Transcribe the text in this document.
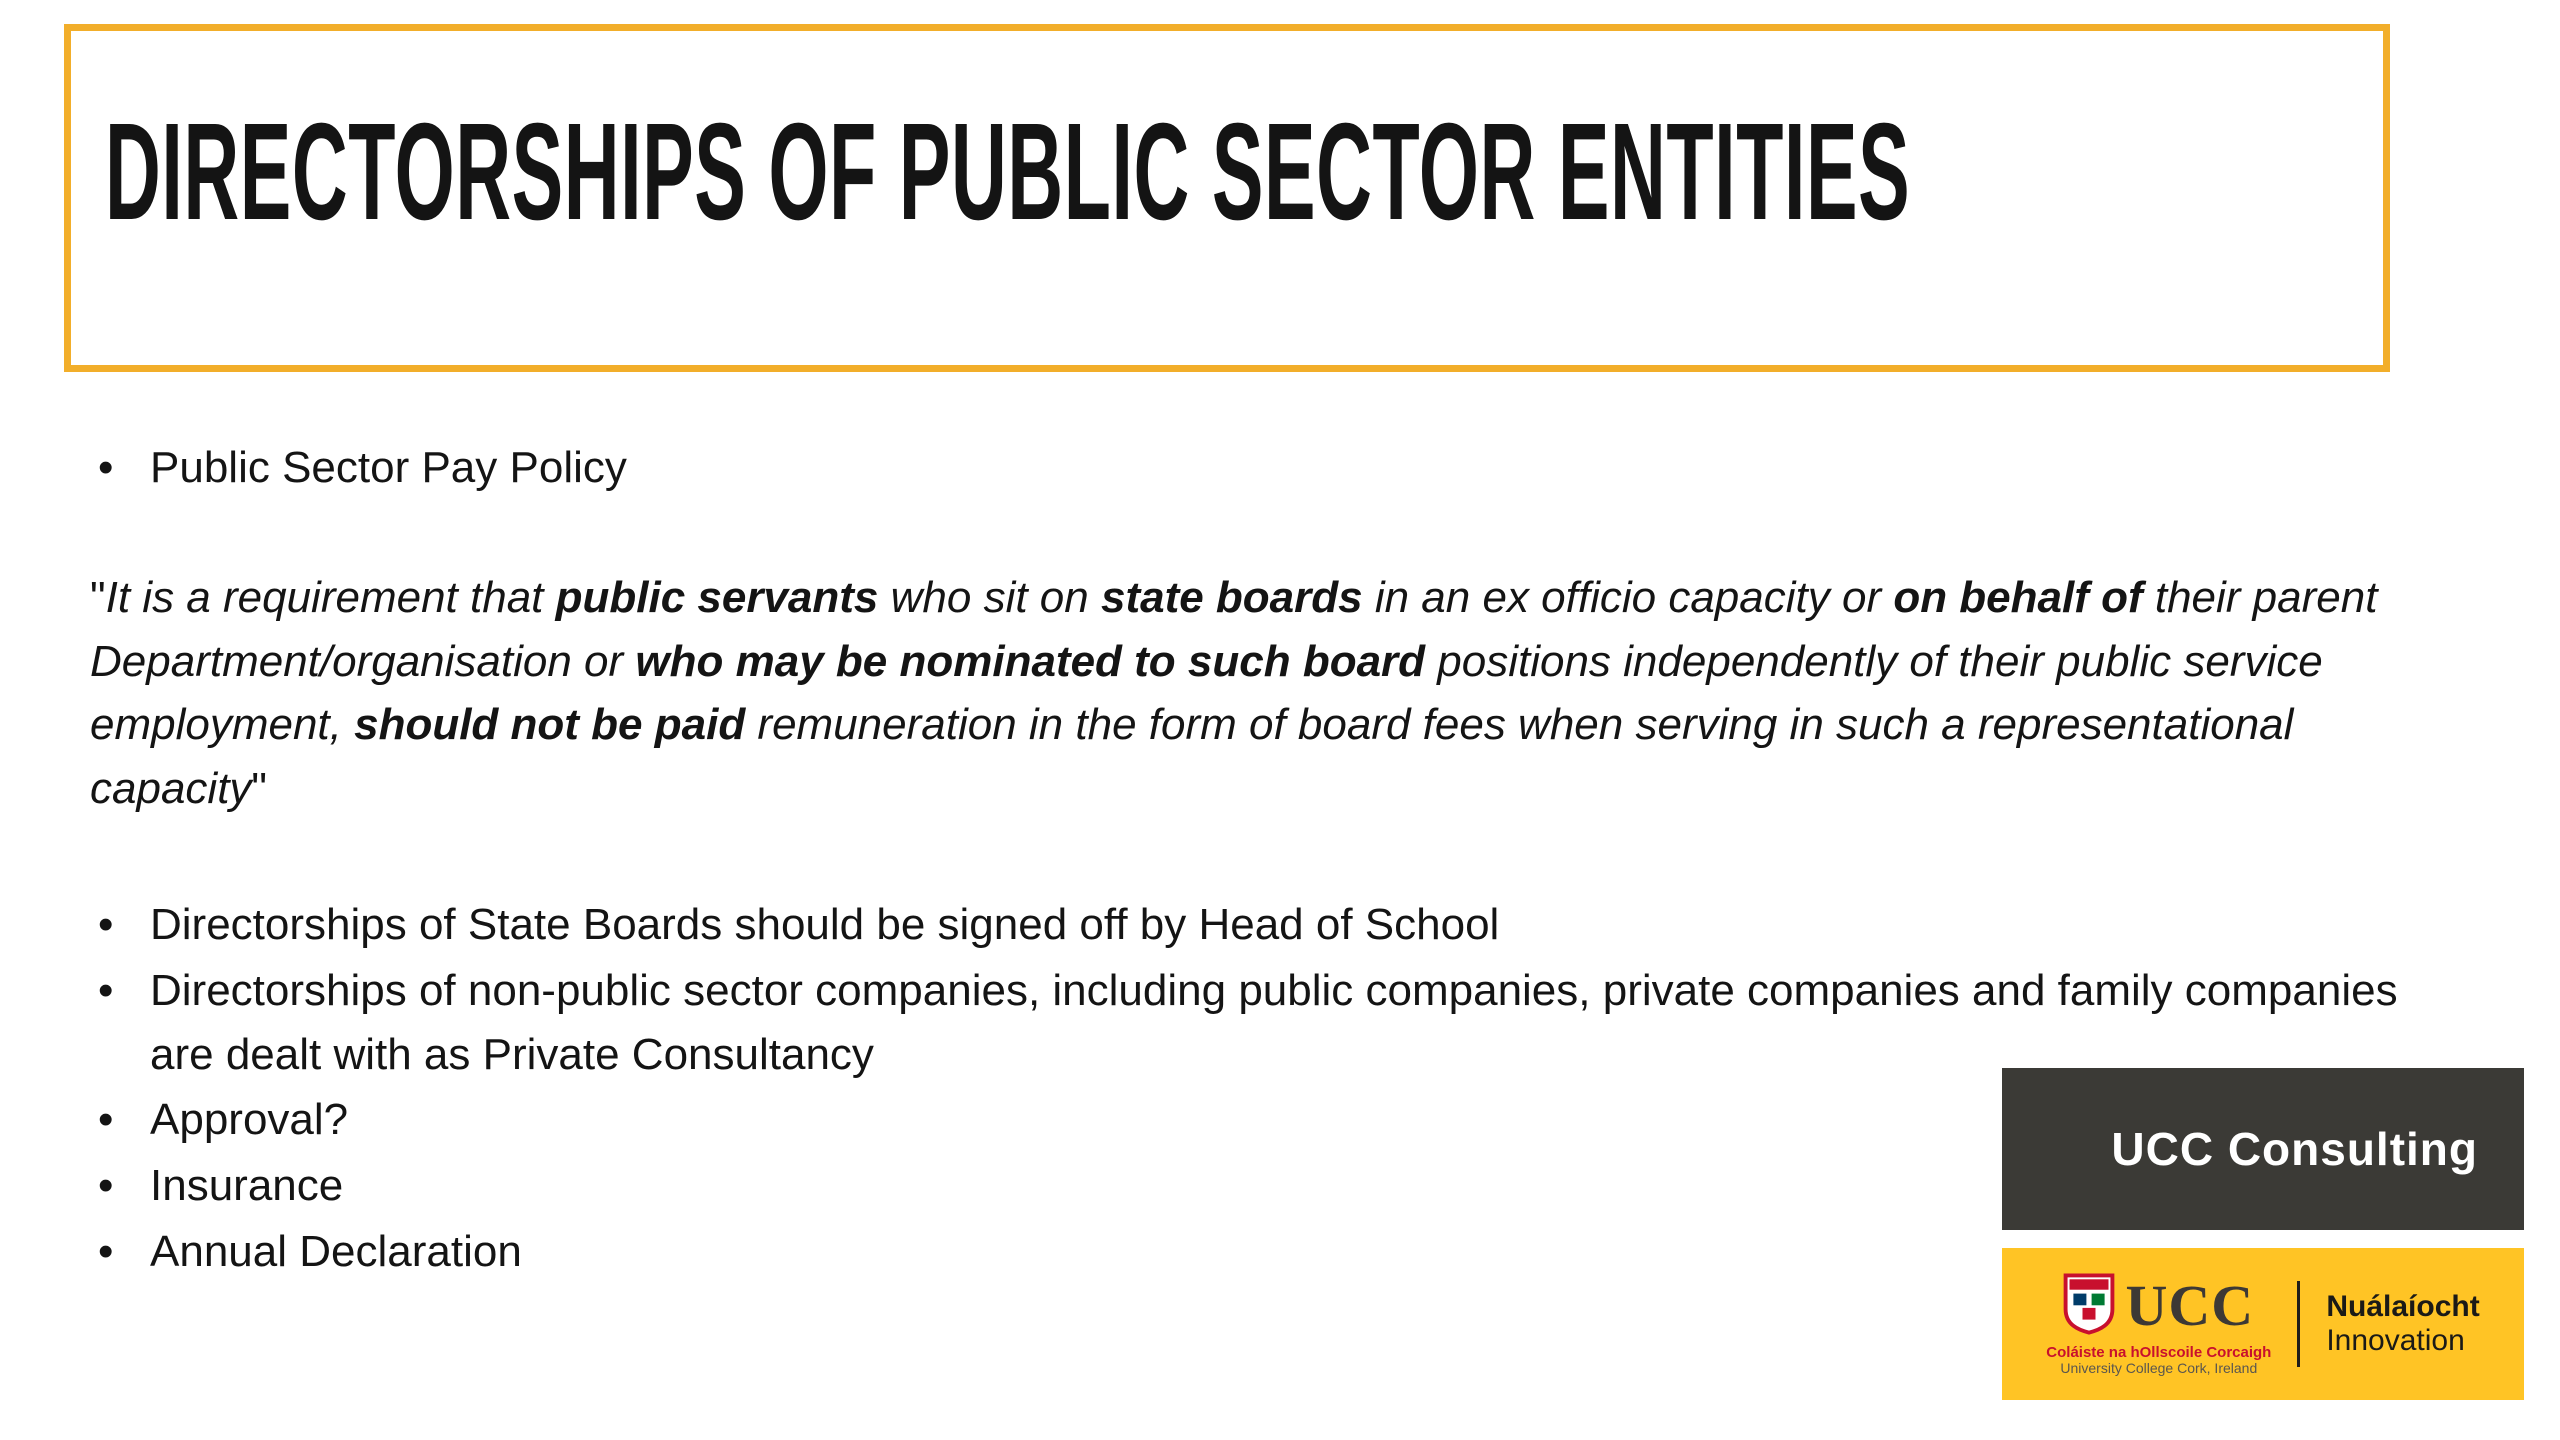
DIRECTORSHIPS OF PUBLIC SECTOR ENTITIES
•
Public Sector Pay Policy

"It is a requirement that public servants who sit on state boards in an ex officio capacity or on behalf of their parent Department/organisation or who may be nominated to such board positions independently of their public service employment, should not be paid remuneration in the form of board fees when serving in such a representational capacity"

•
Directorships of State Boards should be signed off by Head of School
•
Directorships of non-public sector companies, including public companies, private companies and family companies are dealt with as Private Consultancy
•
Approval?
•
Insurance
•
Annual Declaration
UCC Consulting
UCC
Coláiste na hOllscoile Corcaigh
University College Cork, Ireland
Nuálaíocht
Innovation
